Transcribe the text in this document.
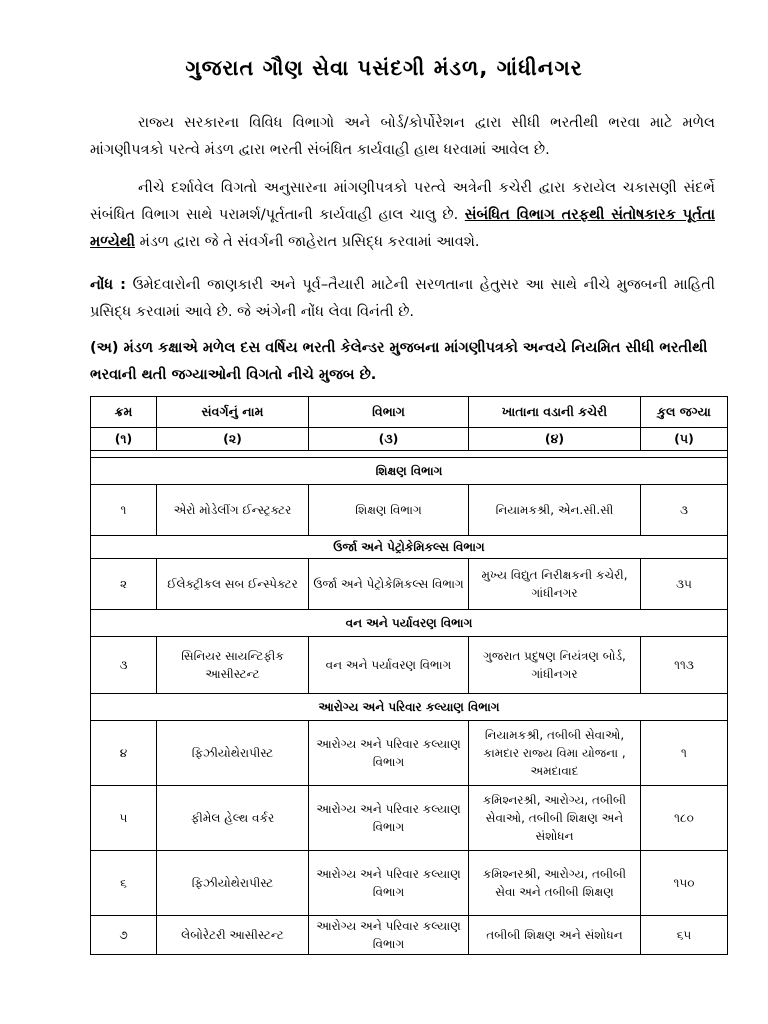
ગુજરાત ગૌણ સેવા પસંદગી મંડળ, ગાંધીનગર
રાજ્ય સરકારના વિવિધ વિભાગો અને બોર્ડ/કોર્પોરેશન દ્વારા સીધી ભરતીથી ભરવા માટે મળેલ માંગણીપત્રકો પરત્વે મંડળ દ્વારા ભરતી સંબંધિત કાર્યવાહી હાથ ધરવામાં આવેલ છે.
નીચે દર્શાવેલ વિગતો અનુસારના માંગણીપત્રકો પરત્વે અત્રેની કચેરી દ્વારા કરાયેલ ચકાસણી સંદર્ભે સંબંધિત વિભાગ સાથે પરામર્શ/પૂર્તતાની કાર્યવાહી હાલ ચાલુ છે. સંબંધિત વિભાગ તરફથી સંતોષકારક પૂર્તતા મળ્યેથી મંડળ દ્વારા જે તે સંવર્ગની જાહેરાત પ્રસિદ્ધ કરવામાં આવશે.
નોંધ : ઉમેદવારોની જાણકારી અને પૂર્વ–તૈયારી માટેની સરળતાના હેતુસર આ સાથે નીચે મુજબની માહિતી પ્રસિદ્ધ કરવામાં આવે છે. જે અંગેની નોંધ લેવા વિનંતી છે.
(અ) મંડળ કક્ષાએ મળેલ દસ વર્ષિય ભરતી કેલેન્ડર મુજબના માંગણીપત્રકો અન્વયે નિયમિત સીધી ભરતીથી ભરવાની થતી જગ્યાઓની વિગતો નીચે મુજબ છે.
ક્રમ	સંવર્ગનું નામ	વિભાગ	ખાતાના વડાની કચેરી	કુલ જગ્યા
(૧)	(૨)	(૩)	(૪)	(૫)

શિક્ષણ વિભાગ				
૧	એરો મોડેલીંગ ઈન્સ્ટ્રક્ટર	શિક્ષણ વિભાગ	નિયામકશ્રી, એન.સી.સી	૩
ઉર્જા અને પેટ્રોકેમિકલ્સ વિભાગ				
૨	ઈલેક્ટ્રીકલ સબ ઈન્સ્પેક્ટર	ઉર્જા અને પેટ્રોકેમિકલ્સ વિભાગ	મુખ્ય વિદ્યુત નિરીક્ષકની કચેરી, ગાંધીનગર	૩૫
વન અને પર્યાવરણ વિભાગ				
૩	સિનિયર સાયન્ટિફીક આસીસ્ટન્ટ	વન અને પર્યાવરણ વિભાગ	ગુજરાત પ્રદુષણ નિયંત્રણ બોર્ડ, ગાંધીનગર	૧૧૩
આરોગ્ય અને પરિવાર કલ્યાણ વિભાગ				
૪	ફિઝીયોથેરાપીસ્ટ	આરોગ્ય અને પરિવાર કલ્યાણ વિભાગ	નિયામકશ્રી, તબીબી સેવાઓ, કામદાર રાજ્ય વિમા યોજના , અમદાવાદ	૧
૫	ફીમેલ હેલ્થ વર્કર	આરોગ્ય અને પરિવાર કલ્યાણ વિભાગ	કમિશ્નરશ્રી, આરોગ્ય, તબીબી સેવાઓ, તબીબી શિક્ષણ અને સંશોધન	૧૮૦
૬	ફિઝીયોથેરાપીસ્ટ	આરોગ્ય અને પરિવાર કલ્યાણ વિભાગ	કમિશ્નરશ્રી, આરોગ્ય, તબીબી સેવા અને તબીબી શિક્ષણ	૧૫૦
૭	લેબોરેટરી આસીસ્ટન્ટ	આરોગ્ય અને પરિવાર કલ્યાણ વિભાગ	તબીબી શિક્ષણ અને સંશોધન	૬૫
